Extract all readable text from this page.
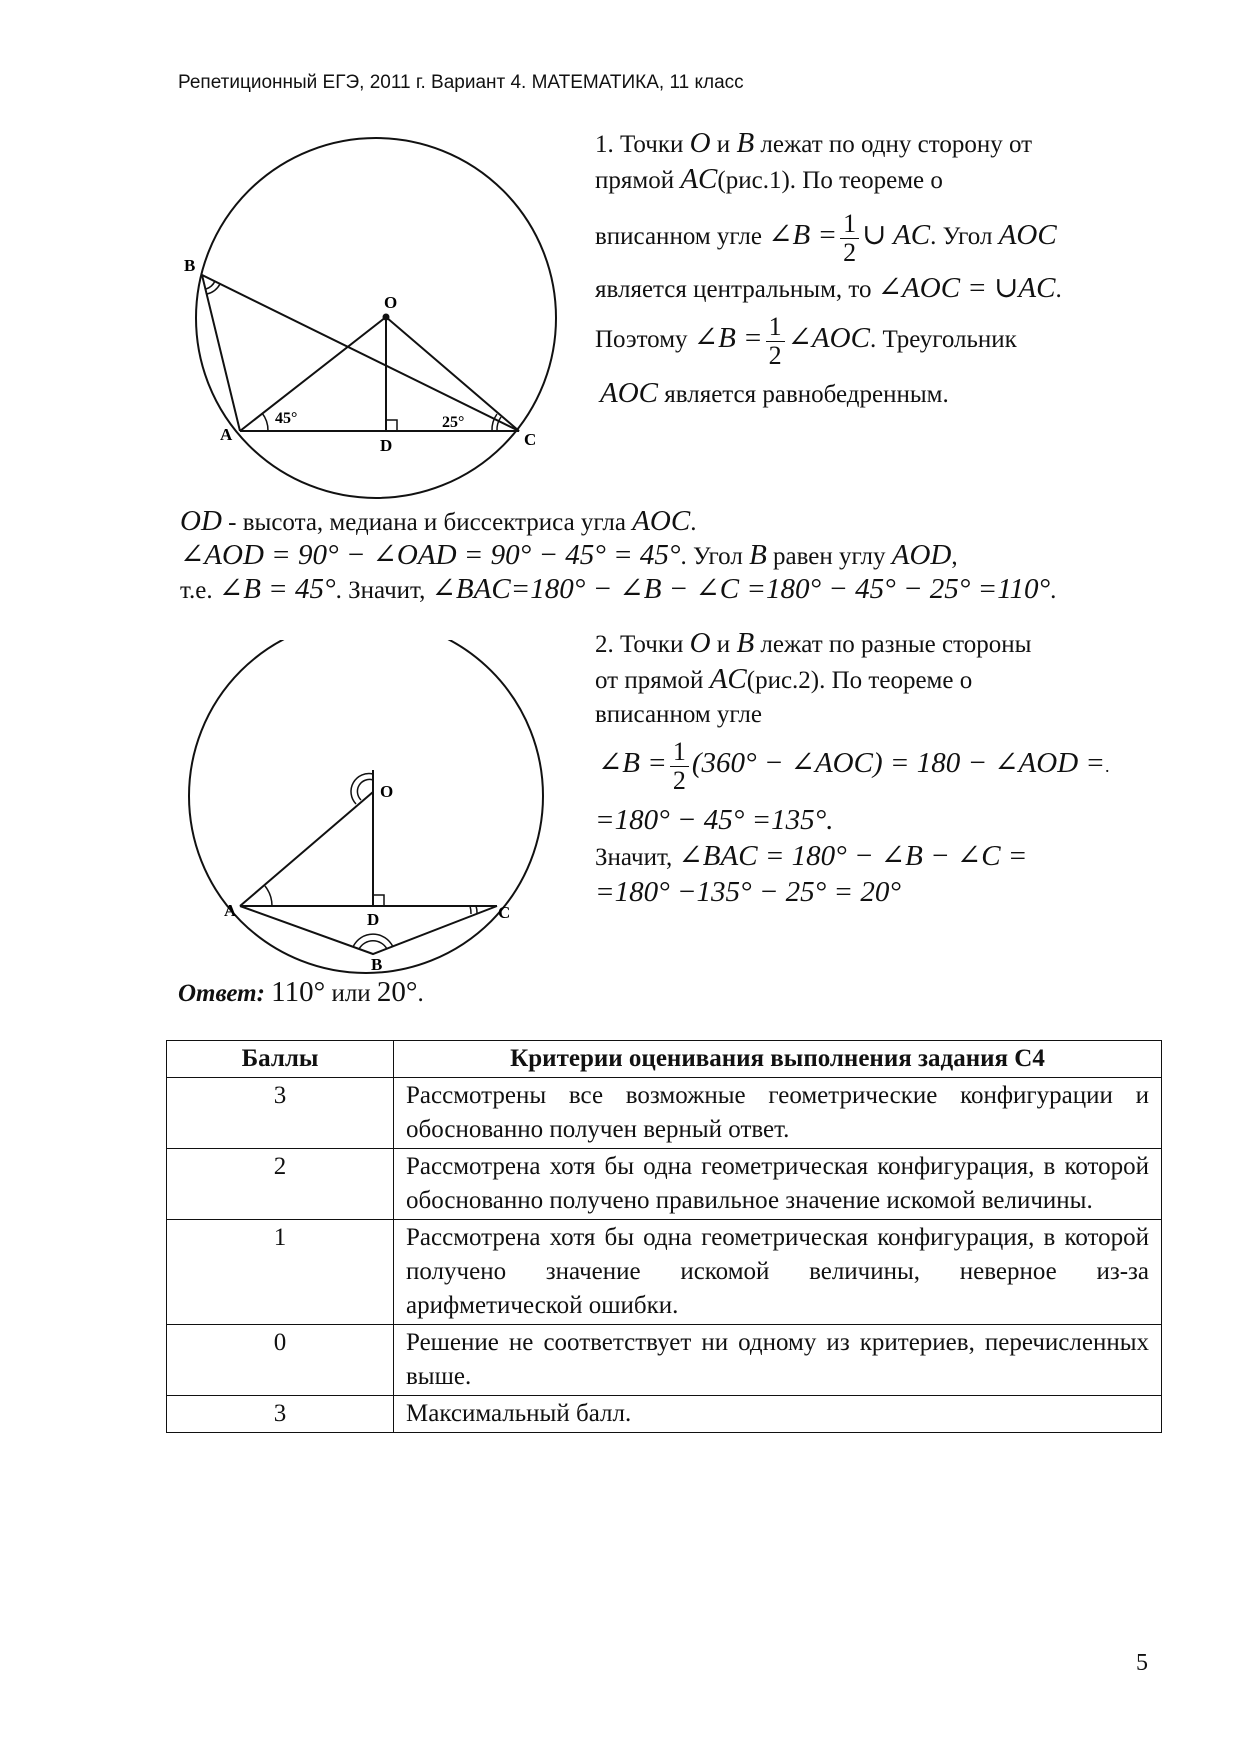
Репетиционный ЕГЭ, 2011 г. Вариант 4. МАТЕМАТИКА, 11 класс
B
O
A
D	C
45°	25°
1. Точки O и B лежат по одну сторону от
прямой AC(рис.1). По теореме о
вписанном угле ∠B = $\frac{1}{2}$ ∪ AC. Угол AOC
является центральным, то ∠AOC = ∪AC.
Поэтому ∠B = $\frac{1}{2}$ ∠AOC. Треугольник
AOC является равнобедренным.
OD - высота, медиана и биссектриса угла AOC.
∠AOD = 90° − ∠OAD = 90° − 45° = 45°. Угол B равен углу AOD,
т.е. ∠B = 45°. Значит, ∠BAC=180° − ∠B − ∠C =180° − 45° − 25° =110°.
O
A	D	C
B
2. Точки O и B лежат по разные стороны
от прямой AC(рис.2). По теореме о
вписанном угле
∠B = $\frac{1}{2} (360^\circ$ − ∠AOC) = 180 − ∠AOD =.
=180° − 45° =135°.
Значит, ∠BAC = 180° − ∠B − ∠C =
=180° −135° − 25° = 20°
Ответ: 110° или 20°.
Баллы	Критерии оценивания выполнения задания С4
3	Рассмотрены все возможные геометрические конфигурации и обоснованно получен верный ответ.
2	Рассмотрена хотя бы одна геометрическая конфигурация, в которой обоснованно получено правильное значение искомой величины.
1	Рассмотрена хотя бы одна геометрическая конфигурация, в которой получено значение искомой величины, неверное из-за арифметической ошибки.
0	Решение не соответствует ни одному из критериев, перечисленных выше.
3	Максимальный балл.
5
